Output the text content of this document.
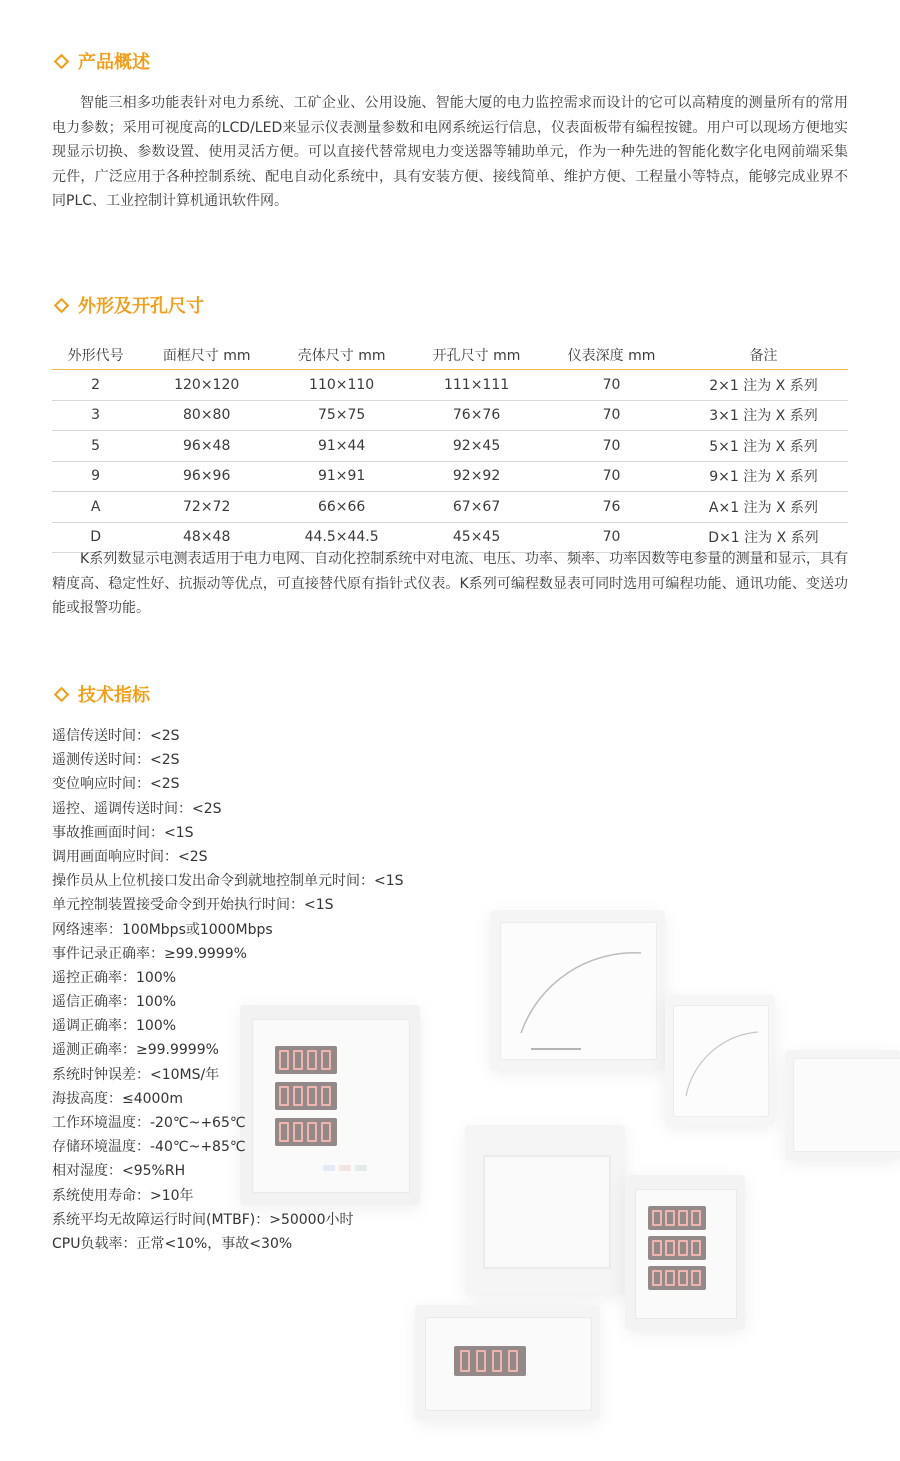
产品概述

智能三相多功能表针对电力系统、工矿企业、公用设施、智能大厦的电力监控需求而设计的它可以高精度的测量所有的常用电力参数；采用可视度高的LCD/LED来显示仪表测量参数和电网系统运行信息，仪表面板带有编程按键。用户可以现场方便地实现显示切换、参数设置、使用灵活方便。可以直接代替常规电力变送器等辅助单元，作为一种先进的智能化数字化电网前端采集元件，广泛应用于各种控制系统、配电自动化系统中，具有安装方便、接线简单、维护方便、工程量小等特点，能够完成业界不同PLC、工业控制计算机通讯软件网。

外形及开孔尺寸
外形代号	面框尺寸 mm	壳体尺寸 mm	开孔尺寸 mm	仪表深度 mm	备注
2	120×120	110×110	111×111	70	2×1 注为 X 系列
3	80×80	75×75	76×76	70	3×1 注为 X 系列
5	96×48	91×44	92×45	70	5×1 注为 X 系列
9	96×96	91×91	92×92	70	9×1 注为 X 系列
A	72×72	66×66	67×67	76	A×1 注为 X 系列
D	48×48	44.5×44.5	45×45	70	D×1 注为 X 系列

K系列数显示电测表适用于电力电网、自动化控制系统中对电流、电压、功率、频率、功率因数等电参量的测量和显示，具有精度高、稳定性好、抗振动等优点，可直接替代原有指针式仪表。K系列可编程数显表可同时选用可编程功能、通讯功能、变送功能或报警功能。

技术指标
遥信传送时间：<2S
遥测传送时间：<2S
变位响应时间：<2S
遥控、遥调传送时间：<2S
事故推画面时间：<1S
调用画面响应时间：<2S
操作员从上位机接口发出命令到就地控制单元时间：<1S
单元控制装置接受命令到开始执行时间：<1S
网络速率：100Mbps或1000Mbps
事件记录正确率：≥99.9999%
遥控正确率：100%
遥信正确率：100%
遥调正确率：100%
遥测正确率：≥99.9999%
系统时钟误差：<10MS/年
海拔高度：≤4000m
工作环境温度：-20℃~+65℃
存储环境温度：-40℃~+85℃
相对湿度：<95%RH
系统使用寿命：>10年
系统平均无故障运行时间(MTBF)：>50000小时
CPU负载率：正常<10%，事故<30%
